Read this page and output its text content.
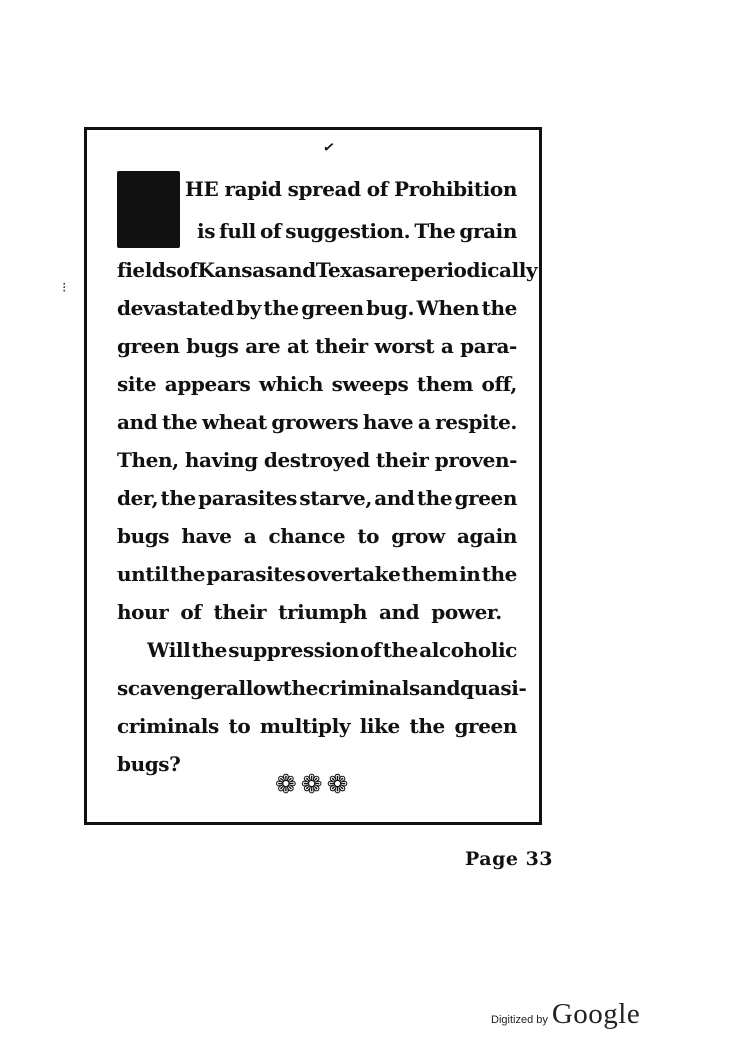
✓
HE rapid spread of Prohibition
is full of suggestion. The grain
fields of Kansas and Texas are periodically
devastated by the green bug. When the
green bugs are at their worst a para-
site appears which sweeps them off,
and the wheat growers have a respite.
Then, having destroyed their proven-
der, the parasites starve, and the green
bugs have a chance to grow again
until the parasites overtake them in the
hour of their triumph and power.
Will the suppression of the alcoholic
scavenger allow the criminals and quasi-
criminals to multiply like the green
bugs?
❁❁❁
⁝
Page 33
Digitized by Google
